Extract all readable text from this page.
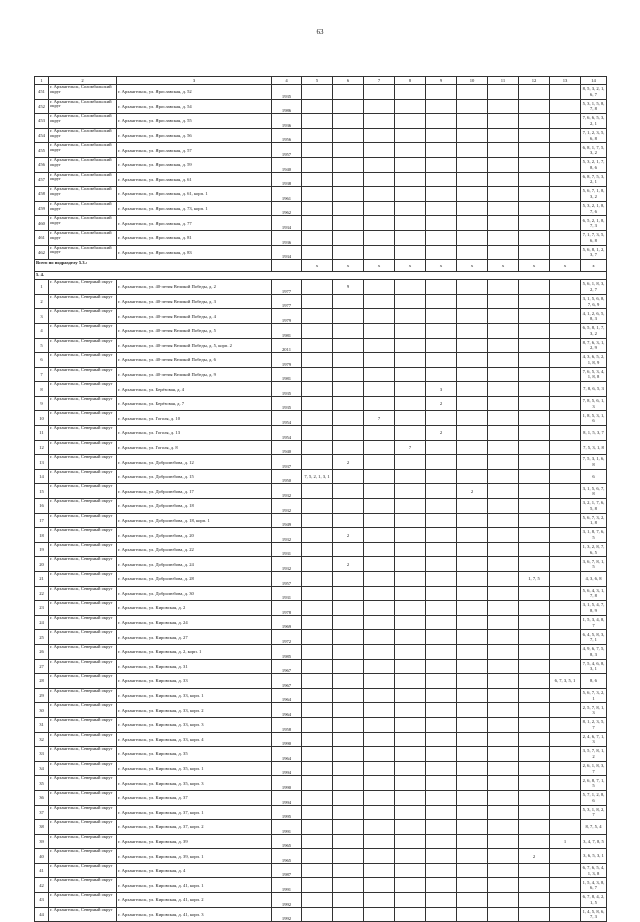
63
1	2	3	4	5	6	7	8	9	10	11	12	13	14
451	г. Архангельск, Соломбальский округ	г. Архангельск, ул. Ярославская, д. 52	1935										8, 5, 3, 2, 1, 6, 7
452	г. Архангельск, Соломбальский округ	г. Архангельск, ул. Ярославская, д. 54	1986										5, 3, 1, 5, 8, 7, 8
453	г. Архангельск, Соломбальский округ	г. Архангельск, ул. Ярославская, д. 55	1936										7, 6, 6, 5, 3, 2, 1
454	г. Архангельск, Соломбальский округ	г. Архангельск, ул. Ярославская, д. 56	1956										7, 1, 2, 3, 5, 6, 8
455	г. Архангельск, Соломбальский округ	г. Архангельск, ул. Ярославская, д. 57	1957										6, 8, 1, 7, 5, 3, 2
456	г. Архангельск, Соломбальский округ	г. Архангельск, ул. Ярославская, д. 59	1940										5, 3, 2, 1, 7, 8, 6
457	г. Архангельск, Соломбальский округ	г. Архангельск, ул. Ярославская, д. 61	1938										6, 8, 7, 5, 3, 2, 1
458	г. Архангельск, Соломбальский округ	г. Архангельск, ул. Ярославская, д. 61, корп. 1	1961										5, 6, 7, 1, 8, 3, 2
459	г. Архангельск, Соломбальский округ	г. Архангельск, ул. Ярославская, д. 73, корп. 1	1962										5, 3, 2, 1, 8, 7, 6
460	г. Архангельск, Соломбальский округ	г. Архангельск, ул. Ярославская, д. 77	1934										6, 5, 2, 1, 8, 7, 3
461	г. Архангельск, Соломбальский округ	г. Архангельск, ул. Ярославская, д. 81	1936										7, 1, 7, 3, 5, 6, 8
462	г. Архангельск, Соломбальский округ	г. Архангельск, ул. Ярославская, д. 83	1934										5, 6, 8, 1, 2, 3, 7
Всего по подразделу 5.3.:				x	x	x	x	x	x	x	x	x	x
5. 4.													
1	г. Архангельск, Северный округ	г. Архангельск, ул. 40-летия Великой Победы, д. 2	1977		9								5, 6, 1, 8, 3, 2, 7
2	г. Архангельск, Северный округ	г. Архангельск, ул. 40-летия Великой Победы, д. 3	1977										3, 1, 5, 6, 8, 7, 6, 9
3	г. Архангельск, Северный округ	г. Архангельск, ул. 40-летия Великой Победы, д. 4	1979										4, 1, 2, 6, 5, 8, 3
4	г. Архангельск, Северный округ	г. Архангельск, ул. 40-летия Великой Победы, д. 5	1981										6, 5, 8, 1, 7, 3, 2
5	г. Архангельск, Северный округ	г. Архангельск, ул. 40-летия Великой Победы, д. 5, корп. 2	2011										8, 7, 6, 3, 1, 2, 9
6	г. Архангельск, Северный округ	г. Архангельск, ул. 40-летия Великой Победы, д. 6	1979										4, 3, 6, 5, 2, 1, 8, 9
7	г. Архангельск, Северный округ	г. Архангельск, ул. 40-летия Великой Победы, д. 9	1981										7, 6, 5, 3, 4, 1, 8, 8
8	г. Архангельск, Северный округ	г. Архангельск, ул. Берёзовая, д. 4	1935					3					7, 8, 6, 5, 3
9	г. Архангельск, Северный округ	г. Архангельск, ул. Берёзовая, д. 7	1935					2					7, 8, 5, 6, 1, 3
10	г. Архангельск, Северный округ	г. Архангельск, ул. Гоголя, д. 10	1954			7							1, 8, 5, 3, 1, 6
11	г. Архангельск, Северный округ	г. Архангельск, ул. Гоголя, д. 13	1954					2					8, 1, 5, 3, 7
12	г. Архангельск, Северный округ	г. Архангельск, ул. Гоголя, д. 8	1940				7						7, 5, 3, 1, 8
13	г. Архангельск, Северный округ	г. Архангельск, ул. Добролюбова, д. 12	1937		2								7, 5, 3, 1, 6, 8
14	г. Архангельск, Северный округ	г. Архангельск, ул. Добролюбова, д. 15	1950	7, 5, 2, 1, 3, 1									6
15	г. Архангельск, Северный округ	г. Архангельск, ул. Добролюбова, д. 17	1932						2				3, 1, 5, 6, 7, 8
16	г. Архангельск, Северный округ	г. Архангельск, ул. Добролюбова, д. 18	1932										3, 2, 1, 7, 6, 5, 8
17	г. Архангельск, Северный округ	г. Архангельск, ул. Добролюбова, д. 18, корп. 1	1949										5, 6, 7, 3, 2, 1, 8
18	г. Архангельск, Северный округ	г. Архангельск, ул. Добролюбова, д. 20	1932		2								3, 1, 8, 7, 6, 5
19	г. Архангельск, Северный округ	г. Архангельск, ул. Добролюбова, д. 22	1931										1, 3, 2, 8, 7, 6, 5
20	г. Архангельск, Северный округ	г. Архангельск, ул. Добролюбова, д. 24	1932		2								3, 6, 7, 8, 1, 5
21	г. Архангельск, Северный округ	г. Архангельск, ул. Добролюбова, д. 28	1957								1, 7, 5		4, 3, 6, 8
22	г. Архангельск, Северный округ	г. Архангельск, ул. Добролюбова, д. 30	1931										5, 6, 4, 3, 1, 7, 8
23	г. Архангельск, Северный округ	г. Архангельск, ул. Кировская, д. 2	1978										3, 1, 5, 4, 7, 8, 9
24	г. Архангельск, Северный округ	г. Архангельск, ул. Кировская, д. 24	1969										1, 5, 3, 4, 8, 7
25	г. Архангельск, Северный округ	г. Архангельск, ул. Кировская, д. 27	1972										6, 4, 5, 8, 3, 7, 1
26	г. Архангельск, Северный округ	г. Архангельск, ул. Кировская, д. 2, корп. 1	1985										4, 9, 6, 7, 5, 8, 3
27	г. Архангельск, Северный округ	г. Архангельск, ул. Кировская, д. 31	1967										7, 5, 4, 6, 8, 3, 1
28	г. Архангельск, Северный округ	г. Архангельск, ул. Кировская, д. 33	1967									6, 7, 3, 5, 1	8, 6
29	г. Архангельск, Северный округ	г. Архангельск, ул. Кировская, д. 33, корп. 1	1964										5, 6, 7, 3, 2, 1
30	г. Архангельск, Северный округ	г. Архангельск, ул. Кировская, д. 33, корп. 2	1964										2, 5, 7, 8, 1, 3
31	г. Архангельск, Северный округ	г. Архангельск, ул. Кировская, д. 33, корп. 3	1958										8, 1, 2, 3, 5, 7
32	г. Архангельск, Северный округ	г. Архангельск, ул. Кировская, д. 33, корп. 4	1990										2, 4, 6, 7, 1, 3
33	г. Архангельск, Северный округ	г. Архангельск, ул. Кировская, д. 35	1964										3, 5, 7, 8, 1, 2
34	г. Архангельск, Северный округ	г. Архангельск, ул. Кировская, д. 35, корп. 1	1994										2, 6, 1, 8, 3, 7
35	г. Архангельск, Северный округ	г. Архангельск, ул. Кировская, д. 35, корп. 3	1990										2, 6, 8, 7, 1, 5
36	г. Архангельск, Северный округ	г. Архангельск, ул. Кировская, д. 37	1994										5, 7, 1, 2, 8, 6
37	г. Архангельск, Северный округ	г. Архангельск, ул. Кировская, д. 37, корп. 1	1995										5, 3, 1, 8, 2, 7
38	г. Архангельск, Северный округ	г. Архангельск, ул. Кировская, д. 37, корп. 2	1991										8, 7, 5, 4
39	г. Архангельск, Северный округ	г. Архангельск, ул. Кировская, д. 39	1965									1	3, 4, 7, 8, 5
40	г. Архангельск, Северный округ	г. Архангельск, ул. Кировская, д. 39, корп. 1	1965								2		3, 6, 5, 3, 1
41	г. Архангельск, Северный округ	г. Архангельск, ул. Кировская, д. 4	1987										6, 7, 6, 5, 4, 1, 3, 8
42	г. Архангельск, Северный округ	г. Архангельск, ул. Кировская, д. 41, корп. 1	1991										1, 5, 4, 3, 8, 6, 7
43	г. Архангельск, Северный округ	г. Архангельск, ул. Кировская, д. 41, корп. 2	1992										6, 7, 8, 4, 2, 1, 5
44	г. Архангельск, Северный округ	г. Архангельск, ул. Кировская, д. 41, корп. 3	1992										1, 4, 5, 8, 6, 7, 3
